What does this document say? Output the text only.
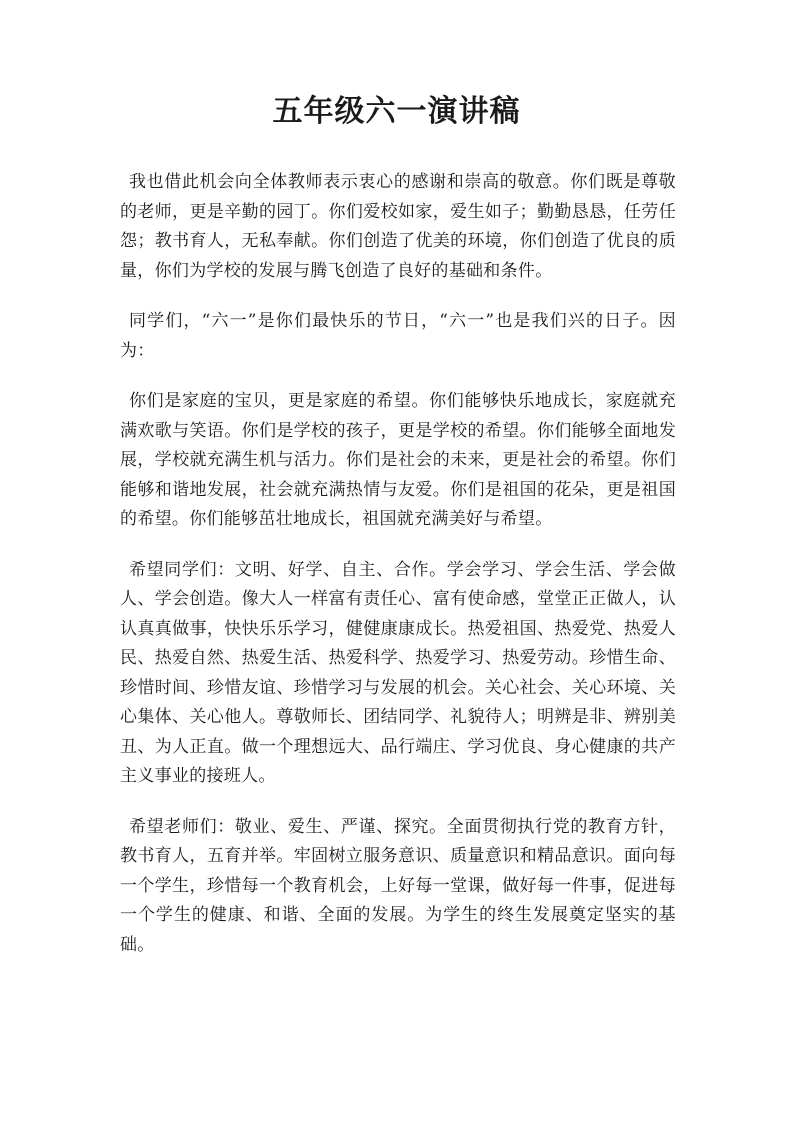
五年级六一演讲稿

我也借此机会向全体教师表示衷心的感谢和崇高的敬意。你们既是尊敬的老师，更是辛勤的园丁。你们爱校如家，爱生如子；勤勤恳恳，任劳任怨；教书育人，无私奉献。你们创造了优美的环境，你们创造了优良的质量，你们为学校的发展与腾飞创造了良好的基础和条件。

同学们，“六一”是你们最快乐的节日，“六一”也是我们兴的日子。因为：

你们是家庭的宝贝，更是家庭的希望。你们能够快乐地成长，家庭就充满欢歌与笑语。你们是学校的孩子，更是学校的希望。你们能够全面地发展，学校就充满生机与活力。你们是社会的未来，更是社会的希望。你们能够和谐地发展，社会就充满热情与友爱。你们是祖国的花朵，更是祖国的希望。你们能够茁壮地成长，祖国就充满美好与希望。

希望同学们：文明、好学、自主、合作。学会学习、学会生活、学会做人、学会创造。像大人一样富有责任心、富有使命感，堂堂正正做人，认认真真做事，快快乐乐学习，健健康康成长。热爱祖国、热爱党、热爱人民、热爱自然、热爱生活、热爱科学、热爱学习、热爱劳动。珍惜生命、珍惜时间、珍惜友谊、珍惜学习与发展的机会。关心社会、关心环境、关心集体、关心他人。尊敬师长、团结同学、礼貌待人；明辨是非、辨别美丑、为人正直。做一个理想远大、品行端庄、学习优良、身心健康的共产主义事业的接班人。

希望老师们：敬业、爱生、严谨、探究。全面贯彻执行党的教育方针，教书育人，五育并举。牢固树立服务意识、质量意识和精品意识。面向每一个学生，珍惜每一个教育机会，上好每一堂课，做好每一件事，促进每一个学生的健康、和谐、全面的发展。为学生的终生发展奠定坚实的基础。
